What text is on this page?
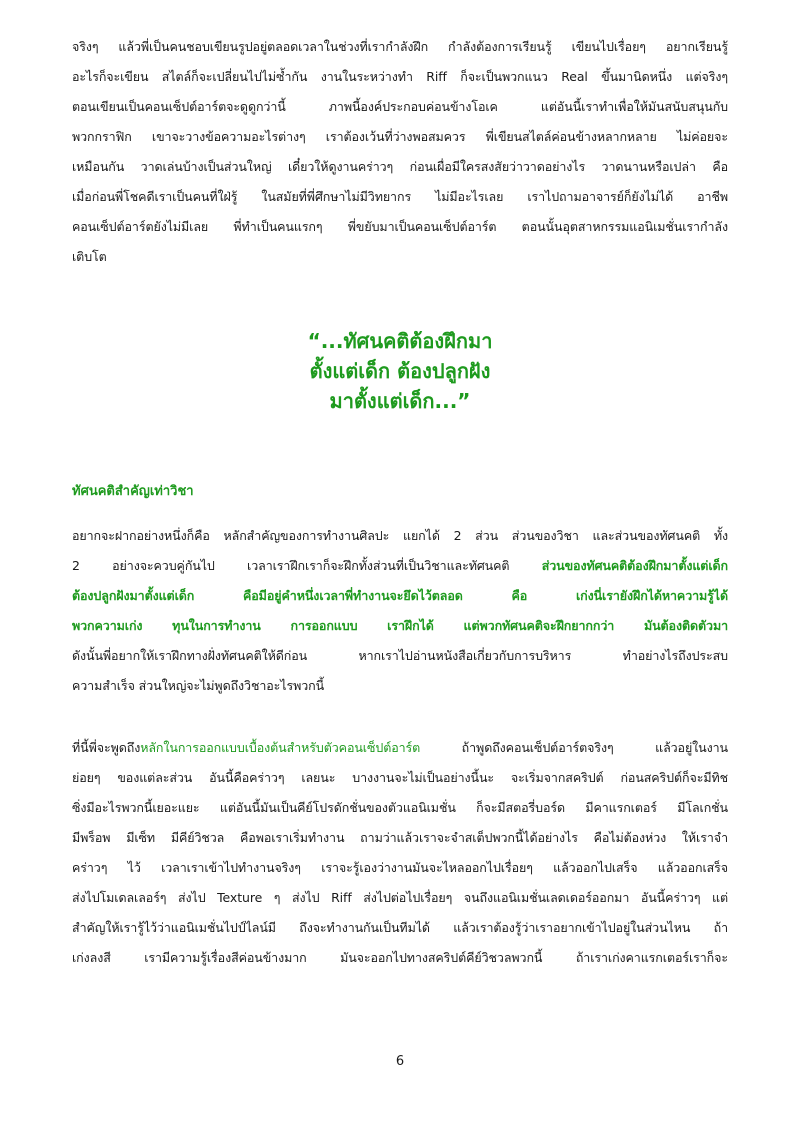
จริงๆ แล้วพี่เป็นคนชอบเขียนรูปอยู่ตลอดเวลาในช่วงที่เรากำลังฝึก กำลังต้องการเรียนรู้ เขียนไปเรื่อยๆ อยากเรียนรู้
อะไรก็จะเขียน สไตล์ก็จะเปลี่ยนไปไม่ซ้ำกัน งานในระหว่างทำ Riff ก็จะเป็นพวกแนว Real ขึ้นมานิดหนึ่ง แต่จริงๆ
ตอนเขียนเป็นคอนเซ็ปต์อาร์ตจะดูดูกว่านี้ ภาพนี้องค์ประกอบค่อนข้างโอเค แต่อันนี้เราทำเพื่อให้มันสนับสนุนกับ
พวกกราฟิก เขาจะวางข้อความอะไรต่างๆ เราต้องเว้นที่ว่างพอสมควร พี่เขียนสไตล์ค่อนข้างหลากหลาย ไม่ค่อยจะ
เหมือนกัน วาดเล่นบ้างเป็นส่วนใหญ่ เดี๋ยวให้ดูงานคร่าวๆ ก่อนเผื่อมีใครสงสัยว่าวาดอย่างไร วาดนานหรือเปล่า คือ
เมื่อก่อนพี่โชคดีเราเป็นคนที่ใฝ่รู้ ในสมัยที่พี่ศึกษาไม่มีวิทยากร ไม่มีอะไรเลย เราไปถามอาจารย์ก็ยังไม่ได้ อาชีพ
คอนเซ็ปต์อาร์ตยังไม่มีเลย พี่ทำเป็นคนแรกๆ พี่ขยับมาเป็นคอนเซ็ปต์อาร์ต ตอนนั้นอุตสาหกรรมแอนิเมชั่นเรากำลัง
เติบโต
“...ทัศนคติต้องฝึกมา
ตั้งแต่เด็ก ต้องปลูกฝัง
มาตั้งแต่เด็ก...”
ทัศนคติสำคัญเท่าวิชา
อยากจะฝากอย่างหนึ่งก็คือ หลักสำคัญของการทำงานศิลปะ แยกได้ 2 ส่วน ส่วนของวิชา และส่วนของทัศนคติ ทั้ง
2 อย่างจะควบคู่กันไป เวลาเราฝึกเราก็จะฝึกทั้งส่วนที่เป็นวิชาและทัศนคติ ส่วนของทัศนคติต้องฝึกมาตั้งแต่เด็ก
ต้องปลูกฝังมาตั้งแต่เด็ก คือมีอยู่คำหนึ่งเวลาพี่ทำงานจะยึดไว้ตลอด คือ เก่งนี่เรายังฝึกได้หาความรู้ได้
พวกความเก่ง ทุนในการทำงาน การออกแบบ เราฝึกได้ แต่พวกทัศนคติจะฝึกยากกว่า มันต้องติดตัวมา
ดังนั้นพี่อยากให้เราฝึกทางฝั่งทัศนคติให้ดีก่อน หากเราไปอ่านหนังสือเกี่ยวกับการบริหาร ทำอย่างไรถึงประสบ
ความสำเร็จ ส่วนใหญ่จะไม่พูดถึงวิชาอะไรพวกนี้
ที่นี้พี่จะพูดถึงหลักในการออกแบบเบื้องต้นสำหรับตัวคอนเซ็ปต์อาร์ต ถ้าพูดถึงคอนเซ็ปต์อาร์ตจริงๆ แล้วอยู่ในงาน
ย่อยๆ ของแต่ละส่วน อันนี้คือคร่าวๆ เลยนะ บางงานจะไม่เป็นอย่างนี้นะ จะเริ่มจากสคริปต์ ก่อนสคริปต์ก็จะมีทิช
ซิ่งมีอะไรพวกนี้เยอะแยะ แต่อันนี้มันเป็นคีย์โปรดักชั่นของตัวแอนิเมชั่น ก็จะมีสตอรี่บอร์ด มีคาแรกเตอร์ มีโลเกชั่น
มีพร็อพ มีเซ็ท มีคีย์วิชวล คือพอเราเริ่มทำงาน ถามว่าแล้วเราจะจำสเต็ปพวกนี้ได้อย่างไร คือไม่ต้องห่วง ให้เราจำ
คร่าวๆ ไว้ เวลาเราเข้าไปทำงานจริงๆ เราจะรู้เองว่างานมันจะไหลออกไปเรื่อยๆ แล้วออกไปเสร็จ แล้วออกเสร็จ
ส่งไปโมเดลเลอร์ๆ ส่งไป Texture ๆ ส่งไป Riff ส่งไปต่อไปเรื่อยๆ จนถึงแอนิเมชั่นเลดเดอร์ออกมา อันนี้คร่าวๆ แต่
สำคัญให้เรารู้ไว้ว่าแอนิเมชั่นไปป์ไลน์มี ถึงจะทำงานกันเป็นทีมได้ แล้วเราต้องรู้ว่าเราอยากเข้าไปอยู่ในส่วนไหน ถ้า
เก่งลงสี เรามีความรู้เรื่องสีค่อนข้างมาก มันจะออกไปทางสคริปต์คีย์วิชวลพวกนี้ ถ้าเราเก่งคาแรกเตอร์เราก็จะ
6
